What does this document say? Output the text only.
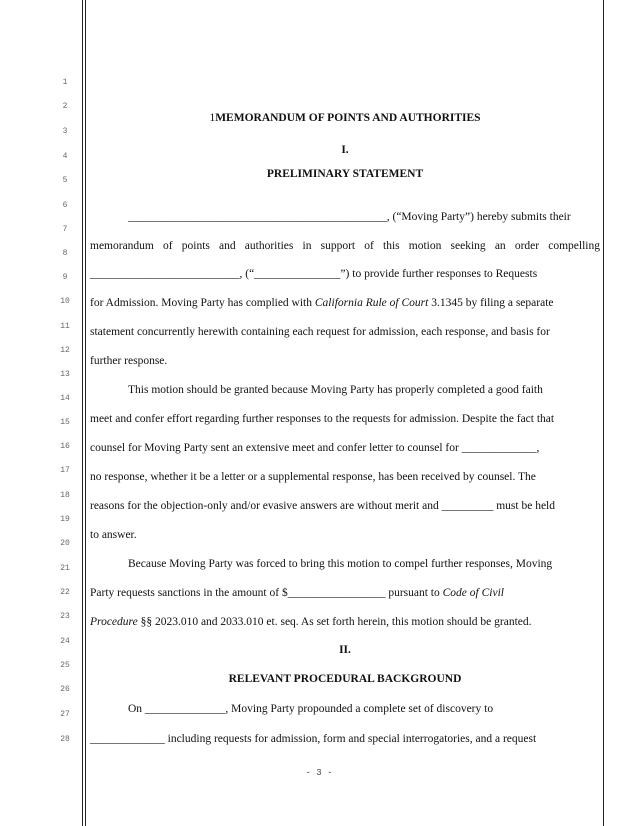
1
2
3
4
5
6
7
8
9
10
11
12
13
14
15
16
17
18
19
20
21
22
23
24
25
26
27
28
1MEMORANDUM OF POINTS AND AUTHORITIES
I.
PRELIMINARY STATEMENT
_____________________________________________, (“Moving Party”) hereby submits their
memorandum of points and authorities in support of this motion seeking an order compelling
__________________________, (“_______________”) to provide further responses to Requests
for Admission. Moving Party has complied with California Rule of Court 3.1345 by filing a separate
statement concurrently herewith containing each request for admission, each response, and basis for
further response.
This motion should be granted because Moving Party has properly completed a good faith
meet and confer effort regarding further responses to the requests for admission. Despite the fact that
counsel for Moving Party sent an extensive meet and confer letter to counsel for _____________,
no response, whether it be a letter or a supplemental response, has been received by counsel. The
reasons for the objection-only and/or evasive answers are without merit and _________ must be held
to answer.
Because Moving Party was forced to bring this motion to compel further responses, Moving
Party requests sanctions in the amount of $_________________ pursuant to Code of Civil
Procedure §§ 2023.010 and 2033.010 et. seq. As set forth herein, this motion should be granted.
II.
RELEVANT PROCEDURAL BACKGROUND
On ______________, Moving Party propounded a complete set of discovery to
_____________ including requests for admission, form and special interrogatories, and a request
- 3 -
